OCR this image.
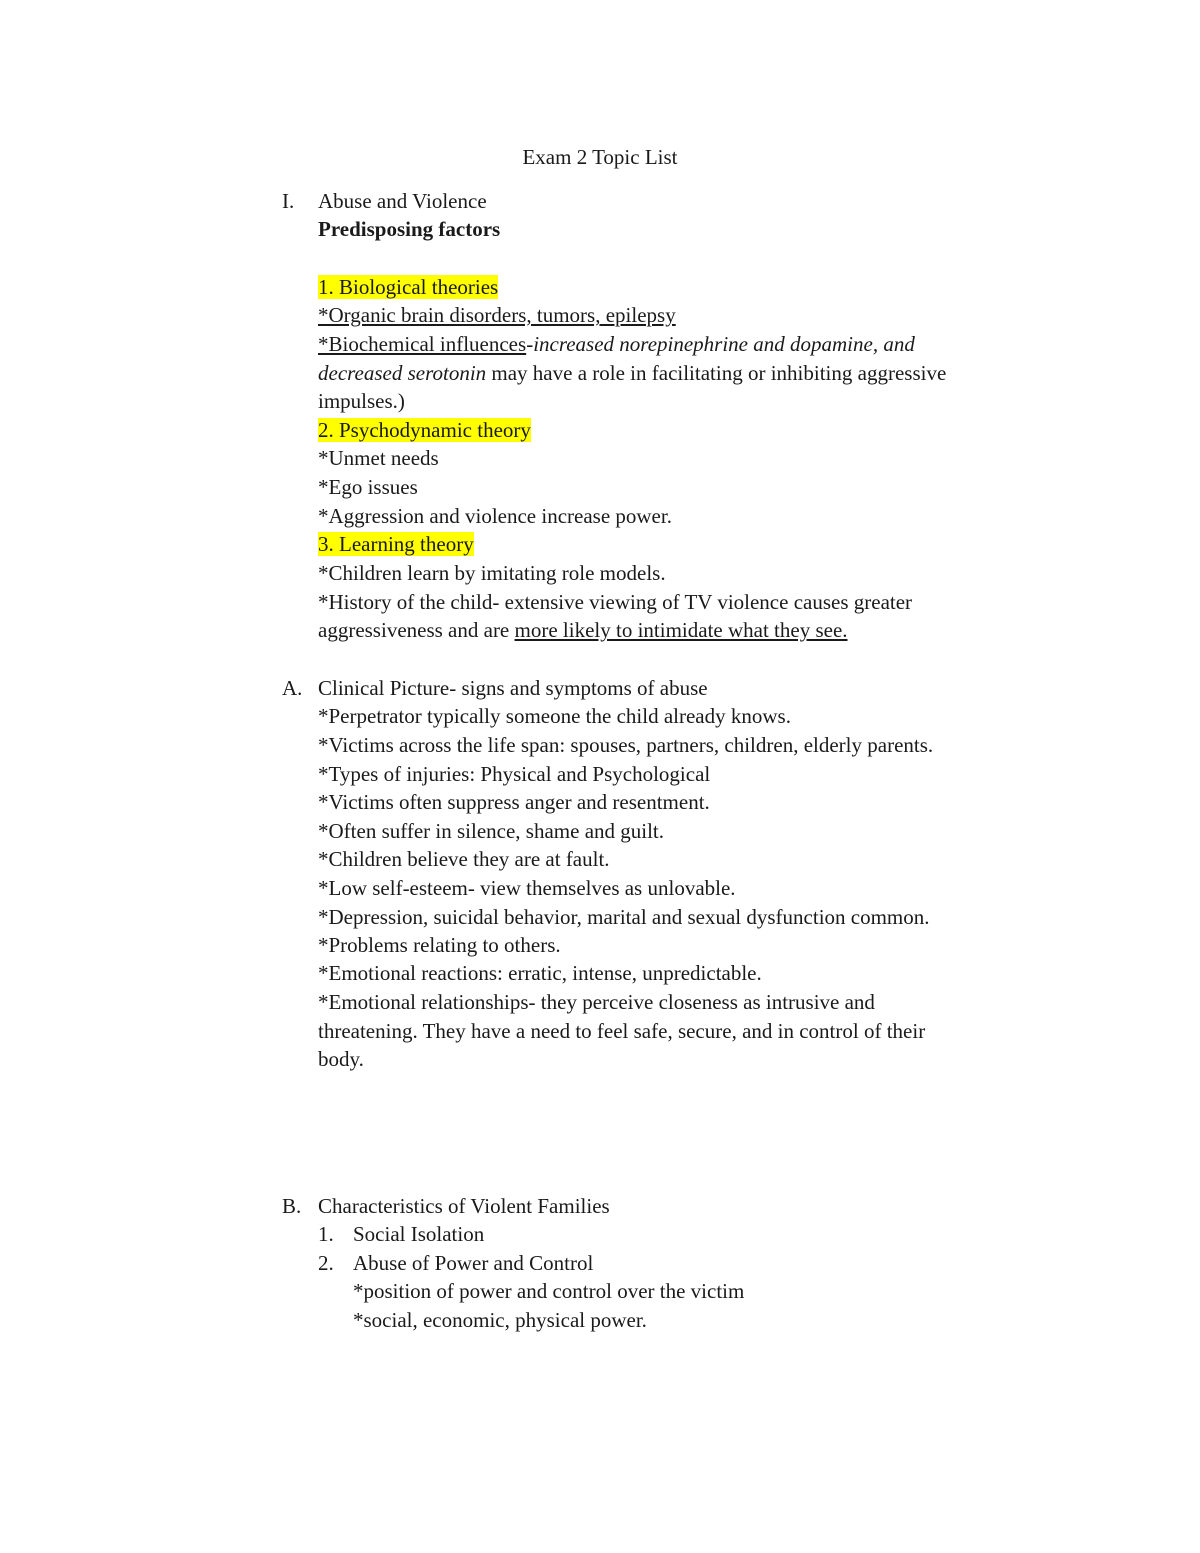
Exam 2 Topic List
I. Abuse and Violence
Predisposing factors
1. Biological theories
*Organic brain disorders, tumors, epilepsy
*Biochemical influences-increased norepinephrine and dopamine, and
decreased serotonin may have a role in facilitating or inhibiting aggressive
impulses.)
2. Psychodynamic theory
*Unmet needs
*Ego issues
*Aggression and violence increase power.
3. Learning theory
*Children learn by imitating role models.
*History of the child- extensive viewing of TV violence causes greater
aggressiveness and are more likely to intimidate what they see.
A. Clinical Picture- signs and symptoms of abuse
*Perpetrator typically someone the child already knows.
*Victims across the life span: spouses, partners, children, elderly parents.
*Types of injuries: Physical and Psychological
*Victims often suppress anger and resentment.
*Often suffer in silence, shame and guilt.
*Children believe they are at fault.
*Low self-esteem- view themselves as unlovable.
*Depression, suicidal behavior, marital and sexual dysfunction common.
*Problems relating to others.
*Emotional reactions: erratic, intense, unpredictable.
*Emotional relationships- they perceive closeness as intrusive and
threatening. They have a need to feel safe, secure, and in control of their
body.
B. Characteristics of Violent Families
1. Social Isolation
2. Abuse of Power and Control
*position of power and control over the victim
*social, economic, physical power.
